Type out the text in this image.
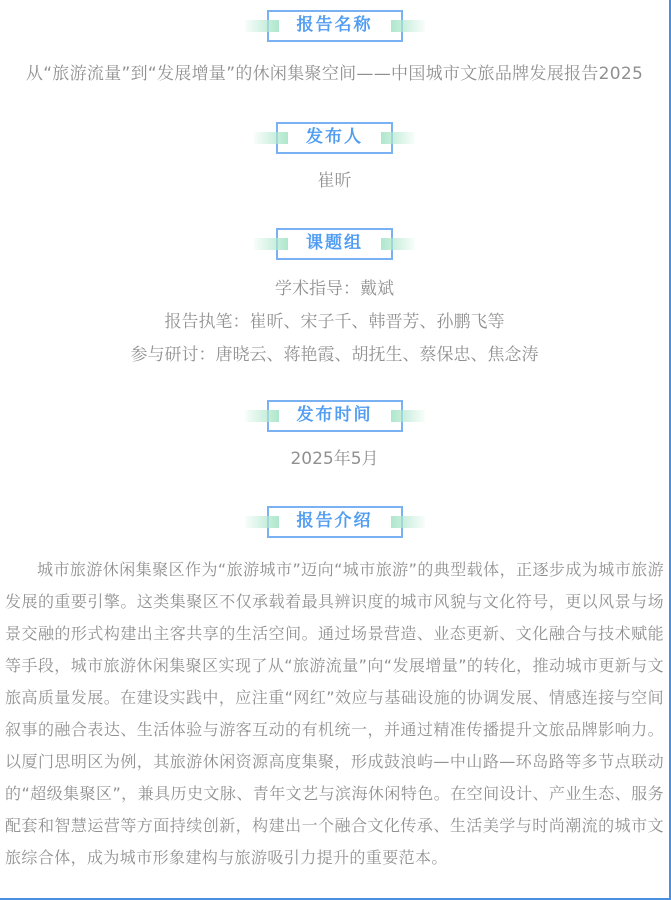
报告名称
从“旅游流量”到“发展增量”的休闲集聚空间——中国城市文旅品牌发展报告2025
发布人
崔昕
课题组
学术指导：戴斌
报告执笔：崔昕、宋子千、韩晋芳、孙鹏飞等
参与研讨：唐晓云、蒋艳霞、胡抚生、蔡保忠、焦念涛
发布时间
2025年5月
报告介绍
城市旅游休闲集聚区作为“旅游城市”迈向“城市旅游”的典型载体，正逐步成为城市旅游发展的重要引擎。这类集聚区不仅承载着最具辨识度的城市风貌与文化符号，更以风景与场景交融的形式构建出主客共享的生活空间。通过场景营造、业态更新、文化融合与技术赋能等手段，城市旅游休闲集聚区实现了从“旅游流量”向“发展增量”的转化，推动城市更新与文旅高质量发展。在建设实践中，应注重“网红”效应与基础设施的协调发展、情感连接与空间叙事的融合表达、生活体验与游客互动的有机统一，并通过精准传播提升文旅品牌影响力。以厦门思明区为例，其旅游休闲资源高度集聚，形成鼓浪屿—中山路—环岛路等多节点联动的“超级集聚区”，兼具历史文脉、青年文艺与滨海休闲特色。在空间设计、产业生态、服务配套和智慧运营等方面持续创新，构建出一个融合文化传承、生活美学与时尚潮流的城市文旅综合体，成为城市形象建构与旅游吸引力提升的重要范本。
